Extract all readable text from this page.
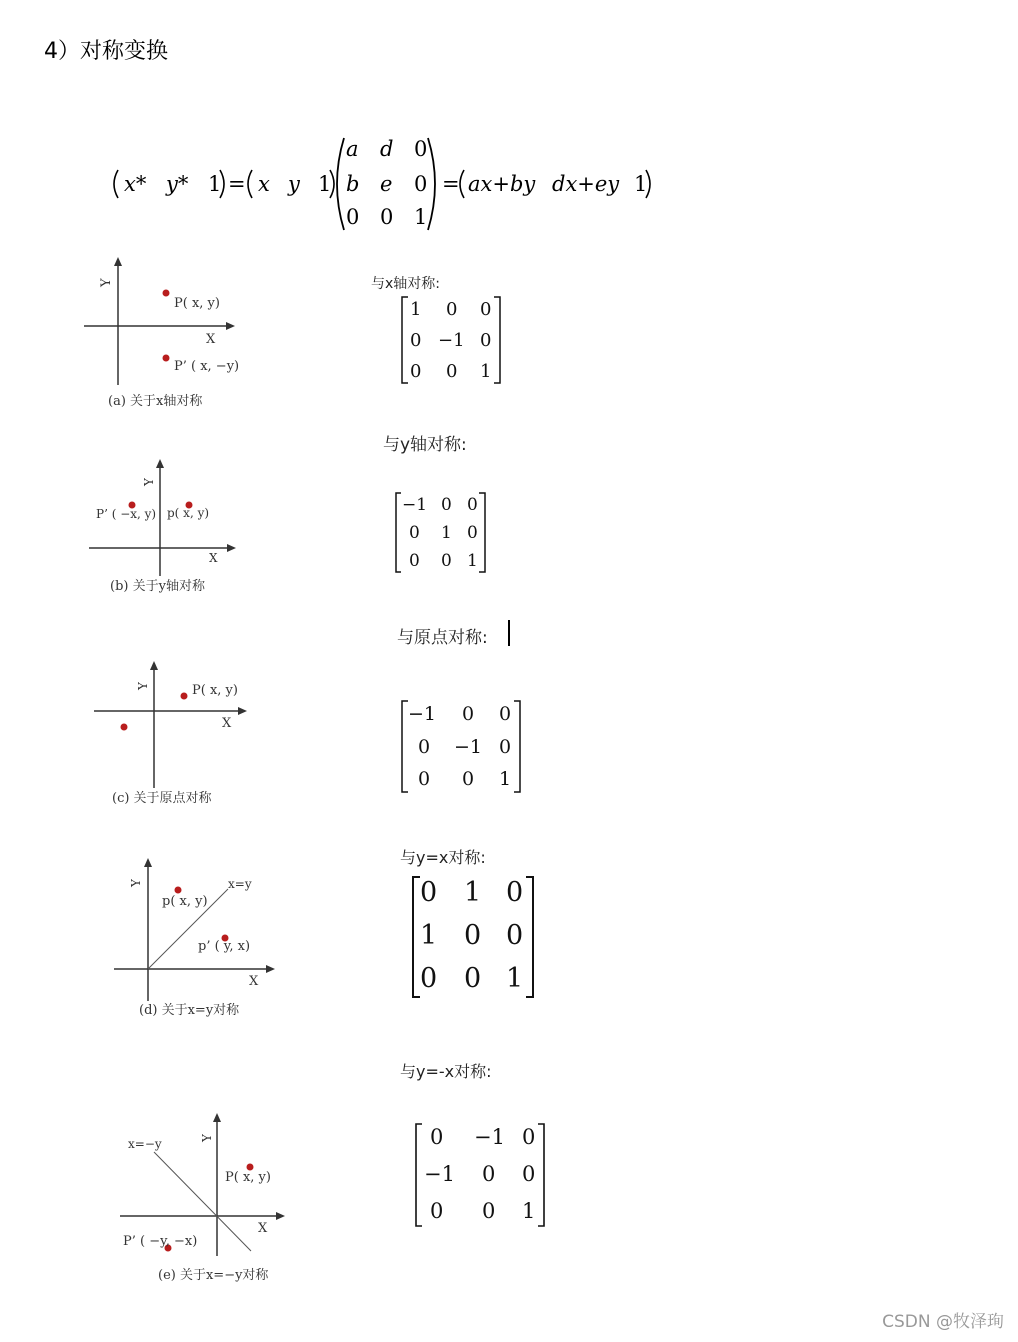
4）对称变换
x* y* 1 = x y 1
a d 0
b e 0
0 0 1
= ax+by dx+ey 1
Y
X
P( x, y)
P’ ( x, −y)
(a) 关于x轴对称
与x轴对称:
1 0 0
0 −1 0
0 0 1
Y
X
P’ ( −x, y) p( x, y)
(b) 关于y轴对称
与y轴对称:
−1 0 0
0 1 0
0 0 1
Y
X
P( x, y)
(c) 关于原点对称
与原点对称:
−1 0 0
0 −1 0
0 0 1
x=y
Y
X
p( x, y)
p’ ( y, x)
(d) 关于x=y对称
与y=x对称:
0 1 0
1 0 0
0 0 1
x=−y	Y
X
P( x, y)
P’ ( −y, −x)
(e) 关于x=−y对称
与y=-x对称:
0 −1 0
−1 0 0
0 0 1
CSDN @牧泽珣
